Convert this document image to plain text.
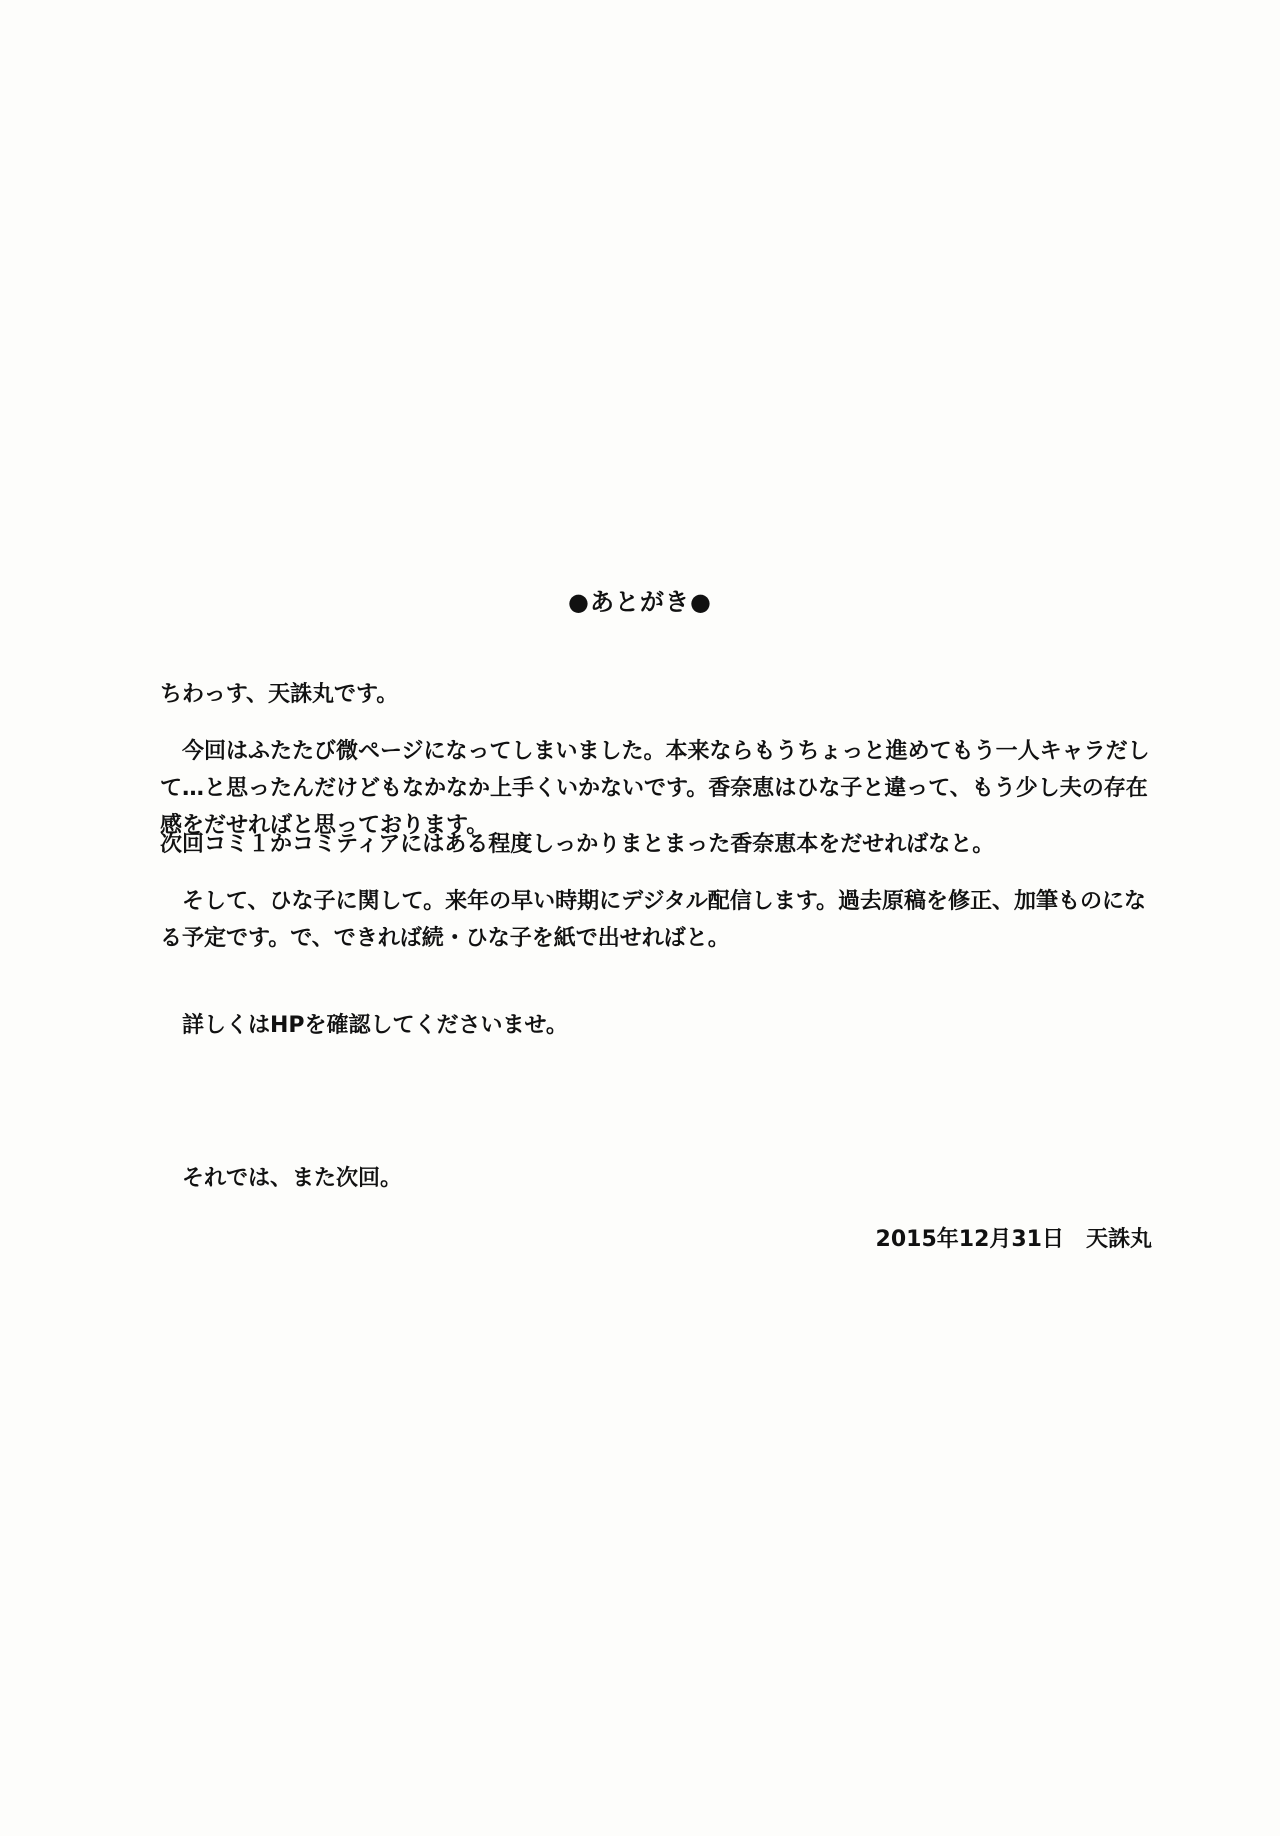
●あとがき●

ちわっす、天誅丸です。

　今回はふたたび微ページになってしまいました。本来ならもうちょっと進めてもう一人キャラだして…と思ったんだけどもなかなか上手くいかないです。香奈恵はひな子と違って、もう少し夫の存在感をだせればと思っております。

次回コミ１かコミティアにはある程度しっかりまとまった香奈恵本をだせればなと。

　そして、ひな子に関して。来年の早い時期にデジタル配信します。過去原稿を修正、加筆ものになる予定です。で、できれば続・ひな子を紙で出せればと。

　詳しくはHPを確認してくださいませ。

　それでは、また次回。

2015年12月31日　天誅丸
